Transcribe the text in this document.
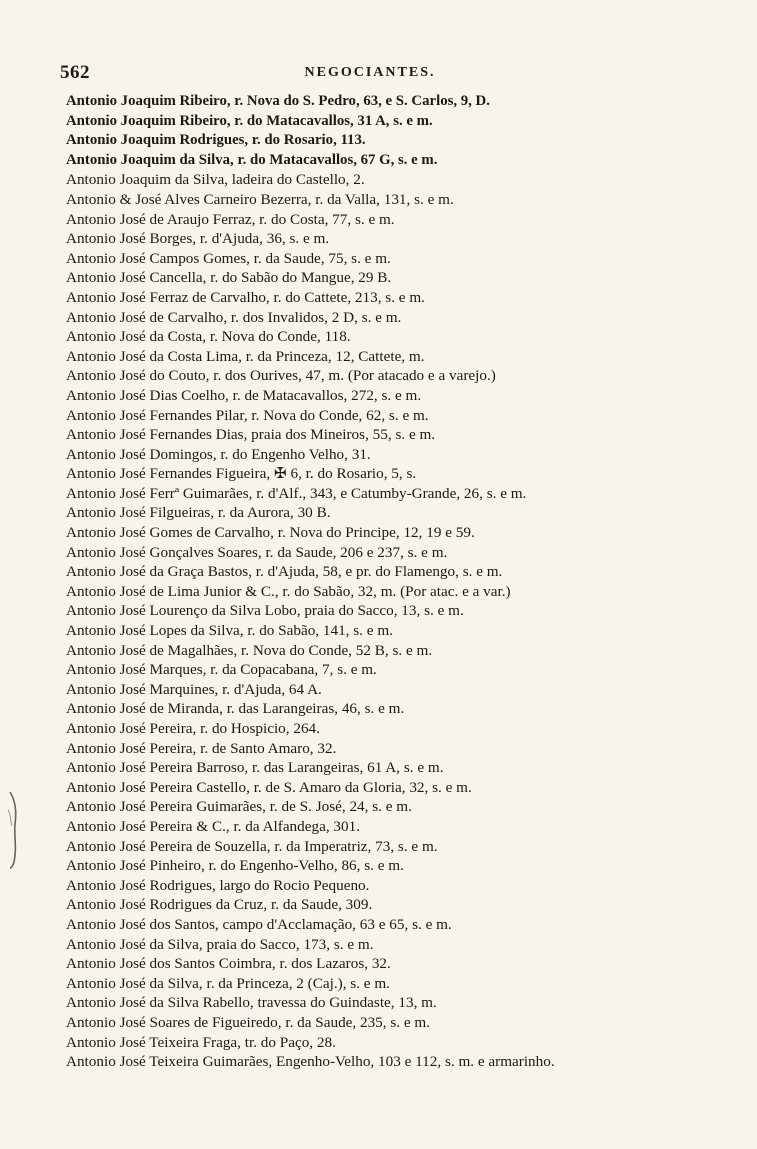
562	NEGOCIANTES.
Antonio Joaquim Ribeiro, r. Nova do S. Pedro, 63, e S. Carlos, 9, D.
Antonio Joaquim Ribeiro, r. do Matacavallos, 31 A, s. e m.
Antonio Joaquim Rodrigues, r. do Rosario, 113.
Antonio Joaquim da Silva, r. do Matacavallos, 67 G, s. e m.
Antonio Joaquim da Silva, ladeira do Castello, 2.
Antonio & José Alves Carneiro Bezerra, r. da Valla, 131, s. e m.
Antonio José de Araujo Ferraz, r. do Costa, 77, s. e m.
Antonio José Borges, r. d'Ajuda, 36, s. e m.
Antonio José Campos Gomes, r. da Saude, 75, s. e m.
Antonio José Cancella, r. do Sabão do Mangue, 29 B.
Antonio José Ferraz de Carvalho, r. do Cattete, 213, s. e m.
Antonio José de Carvalho, r. dos Invalidos, 2 D, s. e m.
Antonio José da Costa, r. Nova do Conde, 118.
Antonio José da Costa Lima, r. da Princeza, 12, Cattete, m.
Antonio José do Couto, r. dos Ourives, 47, m. (Por atacado e a varejo.)
Antonio José Dias Coelho, r. de Matacavallos, 272, s. e m.
Antonio José Fernandes Pilar, r. Nova do Conde, 62, s. e m.
Antonio José Fernandes Dias, praia dos Mineiros, 55, s. e m.
Antonio José Domingos, r. do Engenho Velho, 31.
Antonio José Fernandes Figueira, ✠ 6, r. do Rosario, 5, s.
Antonio José Ferrª Guimarães, r. d'Alf., 343, e Catumby-Grande, 26, s. e m.
Antonio José Filgueiras, r. da Aurora, 30 B.
Antonio José Gomes de Carvalho, r. Nova do Principe, 12, 19 e 59.
Antonio José Gonçalves Soares, r. da Saude, 206 e 237, s. e m.
Antonio José da Graça Bastos, r. d'Ajuda, 58, e pr. do Flamengo, s. e m.
Antonio José de Lima Junior & C., r. do Sabão, 32, m. (Por atac. e a var.)
Antonio José Lourenço da Silva Lobo, praia do Sacco, 13, s. e m.
Antonio José Lopes da Silva, r. do Sabão, 141, s. e m.
Antonio José de Magalhães, r. Nova do Conde, 52 B, s. e m.
Antonio José Marques, r. da Copacabana, 7, s. e m.
Antonio José Marquines, r. d'Ajuda, 64 A.
Antonio José de Miranda, r. das Larangeiras, 46, s. e m.
Antonio José Pereira, r. do Hospicio, 264.
Antonio José Pereira, r. de Santo Amaro, 32.
Antonio José Pereira Barroso, r. das Larangeiras, 61 A, s. e m.
Antonio José Pereira Castello, r. de S. Amaro da Gloria, 32, s. e m.
Antonio José Pereira Guimarães, r. de S. José, 24, s. e m.
Antonio José Pereira & C., r. da Alfandega, 301.
Antonio José Pereira de Souzella, r. da Imperatriz, 73, s. e m.
Antonio José Pinheiro, r. do Engenho-Velho, 86, s. e m.
Antonio José Rodrigues, largo do Rocio Pequeno.
Antonio José Rodrigues da Cruz, r. da Saude, 309.
Antonio José dos Santos, campo d'Acclamação, 63 e 65, s. e m.
Antonio José da Silva, praia do Sacco, 173, s. e m.
Antonio José dos Santos Coimbra, r. dos Lazaros, 32.
Antonio José da Silva, r. da Princeza, 2 (Caj.), s. e m.
Antonio José da Silva Rabello, travessa do Guindaste, 13, m.
Antonio José Soares de Figueiredo, r. da Saude, 235, s. e m.
Antonio José Teixeira Fraga, tr. do Paço, 28.
Antonio José Teixeira Guimarães, Engenho-Velho, 103 e 112, s. m. e armarinho.
